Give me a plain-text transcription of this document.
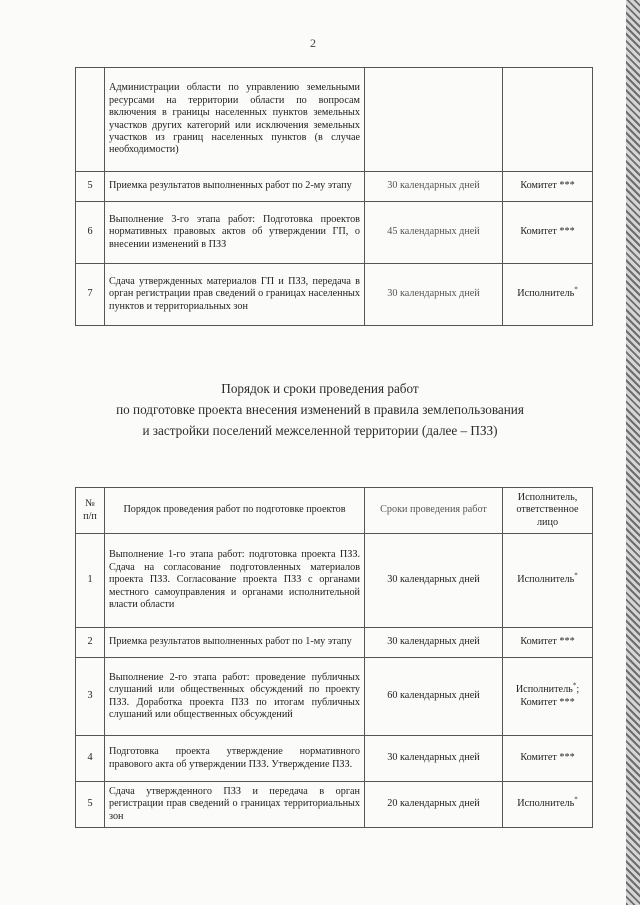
2
	Администрации области по управлению земельными ресурсами на территории области по вопросам включения в границы населенных пунктов земельных участков других категорий или исключения земельных участков из границ населенных пунктов (в случае необходимости)		
5	Приемка результатов выполненных работ по 2-му этапу	30 календарных дней	Комитет ***
6	Выполнение 3-го этапа работ: Подготовка проектов нормативных правовых актов об утверждении ГП, о внесении изменений в ПЗЗ	45 календарных дней	Комитет ***
7	Сдача утвержденных материалов ГП и ПЗЗ, передача в орган регистрации прав сведений о границах населенных пунктов и территориальных зон	30 календарных дней	Исполнитель*
Порядок и сроки проведения работ
по подготовке проекта внесения изменений в правила землепользования
и застройки поселений межселенной территории (далее – ПЗЗ)
№ п/п	Порядок проведения работ по подготовке проектов	Сроки проведения работ	Исполнитель, ответственное лицо
1	Выполнение 1-го этапа работ: подготовка проекта ПЗЗ. Сдача на согласование подготовленных материалов проекта ПЗЗ. Согласование проекта ПЗЗ с органами местного самоуправления и органами исполнительной власти области	30 календарных дней	Исполнитель*
2	Приемка результатов выполненных работ по 1-му этапу	30 календарных дней	Комитет ***
3	Выполнение 2-го этапа работ: проведение публичных слушаний или общественных обсуждений по проекту ПЗЗ. Доработка проекта ПЗЗ по итогам публичных слушаний или общественных обсуждений	60 календарных дней	Исполнитель*; Комитет ***
4	Подготовка проекта утверждение нормативного правового акта об утверждении ПЗЗ. Утверждение ПЗЗ.	30 календарных дней	Комитет ***
5	Сдача утвержденного ПЗЗ и передача в орган регистрации прав сведений о границах территориальных зон	20 календарных дней	Исполнитель*
